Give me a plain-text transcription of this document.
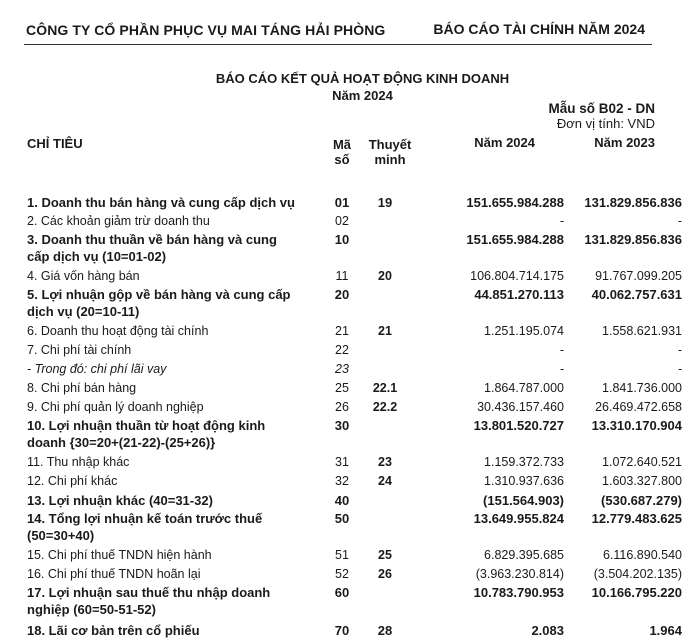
CÔNG TY CỔ PHẦN PHỤC VỤ MAI TÁNG HẢI PHÒNG	BÁO CÁO TÀI CHÍNH NĂM 2024
BÁO CÁO KẾT QUẢ HOẠT ĐỘNG KINH DOANH
Năm 2024
Mẫu số B02 - DN
Đơn vị tính: VND
CHỈ TIÊU	Mã
số
Thuyết
minh
Năm 2024	Năm 2023
1. Doanh thu bán hàng và cung cấp dịch vụ	01	19	151.655.984.288	131.829.856.836
2. Các khoản giảm trừ doanh thu	02		-	-

3. Doanh thu thuần về bán hàng và cung
cấp dịch vụ (10=01-02)	10		151.655.984.288	131.829.856.836
4. Giá vốn hàng bán	11	20	106.804.714.175	91.767.099.205

5. Lợi nhuận gộp về bán hàng và cung cấp
dịch vụ (20=10-11)	20		44.851.270.113	40.062.757.631
6. Doanh thu hoạt động tài chính	21	21	1.251.195.074	1.558.621.931
7. Chi phí tài chính	22		-	-
- Trong đó: chi phí lãi vay	23		-	-
8. Chi phí bán hàng	25	22.1	1.864.787.000	1.841.736.000
9. Chi phí quản lý doanh nghiệp	26	22.2	30.436.157.460	26.469.472.658

10. Lợi nhuận thuần từ hoạt động kinh
doanh {30=20+(21-22)-(25+26)}	30		13.801.520.727	13.310.170.904
11. Thu nhập khác	31	23	1.159.372.733	1.072.640.521
12. Chi phí khác	32	24	1.310.937.636	1.603.327.800
13. Lợi nhuận khác (40=31-32)	40		(151.564.903)	(530.687.279)

14. Tổng lợi nhuận kế toán trước thuế
(50=30+40)	50		13.649.955.824	12.779.483.625
15. Chi phí thuế TNDN hiện hành	51	25	6.829.395.685	6.116.890.540
16. Chi phí thuế TNDN hoãn lại	52	26	(3.963.230.814)	(3.504.202.135)

17. Lợi nhuận sau thuế thu nhập doanh
nghiệp (60=50-51-52)	60		10.783.790.953	10.166.795.220
18. Lãi cơ bản trên cổ phiếu	70	28	2.083	1.964
